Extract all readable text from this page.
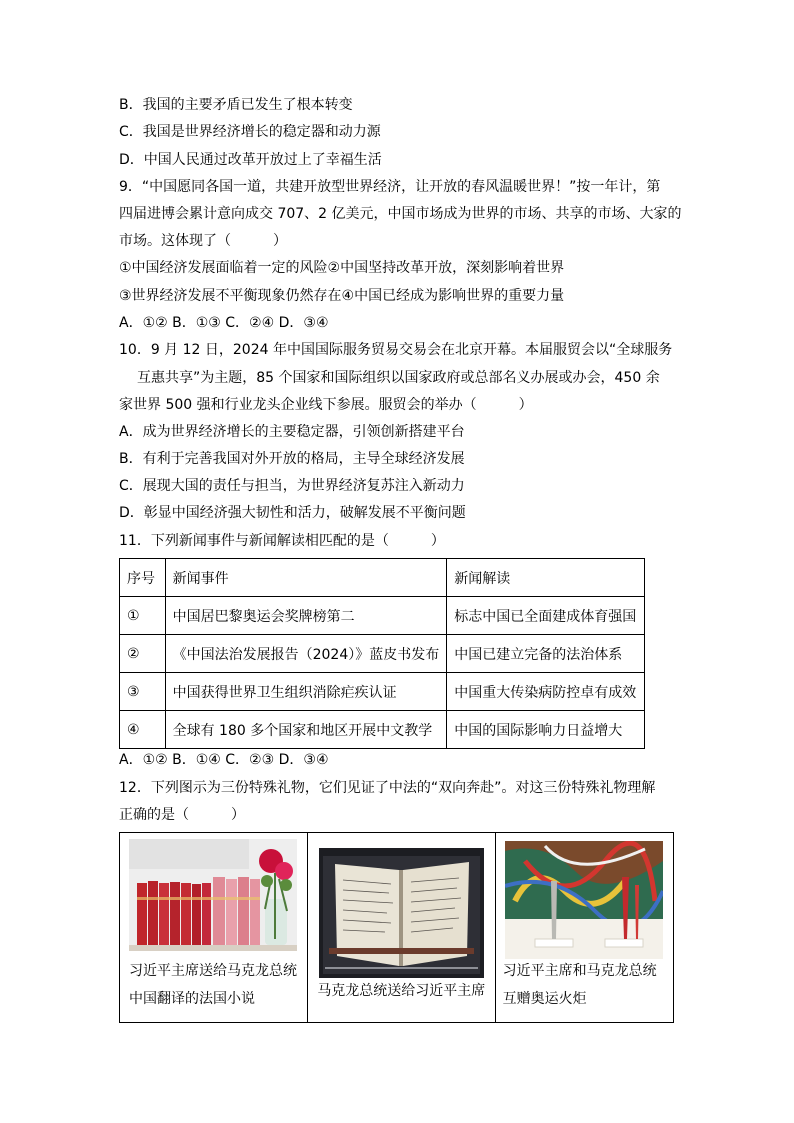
B．我国的主要矛盾已发生了根本转变
C．我国是世界经济增长的稳定器和动力源
D．中国人民通过改革开放过上了幸福生活
9．“中国愿同各国一道，共建开放型世界经济，让开放的春风温暖世界！”按一年计，第
四届进博会累计意向成交 707、2 亿美元，中国市场成为世界的市场、共享的市场、大家的
市场。这体现了（　　　）
①中国经济发展面临着一定的风险②中国坚持改革开放，深刻影响着世界
③世界经济发展不平衡现象仍然存在④中国已经成为影响世界的重要力量
A．①② B．①③ C．②④ D．③④
10．9 月 12 日，2024 年中国国际服务贸易交易会在北京开幕。本届服贸会以“全球服务
互惠共享”为主题，85 个国家和国际组织以国家政府或总部名义办展或办会，450 余
家世界 500 强和行业龙头企业线下参展。服贸会的举办（　　　）
A．成为世界经济增长的主要稳定器，引领创新搭建平台
B．有利于完善我国对外开放的格局，主导全球经济发展
C．展现大国的责任与担当，为世界经济复苏注入新动力
D．彰显中国经济强大韧性和活力，破解发展不平衡问题
11．下列新闻事件与新闻解读相匹配的是（　　　）
序号	新闻事件	新闻解读
①	中国居巴黎奥运会奖牌榜第二	标志中国已全面建成体育强国
②	《中国法治发展报告（2024）》蓝皮书发布	中国已建立完备的法治体系
③	中国获得世界卫生组织消除疟疾认证	中国重大传染病防控卓有成效
④	全球有 180 多个国家和地区开展中文教学	中国的国际影响力日益增大
A．①② B．①④ C．②③ D．③④
12．下列图示为三份特殊礼物，它们见证了中法的“双向奔赴”。对这三份特殊礼物理解
正确的是（　　　）
习近平主席送给马克龙总统
中国翻译的法国小说	马克龙总统送给习近平主席

习近平主席和马克龙总统
互赠奥运火炬
